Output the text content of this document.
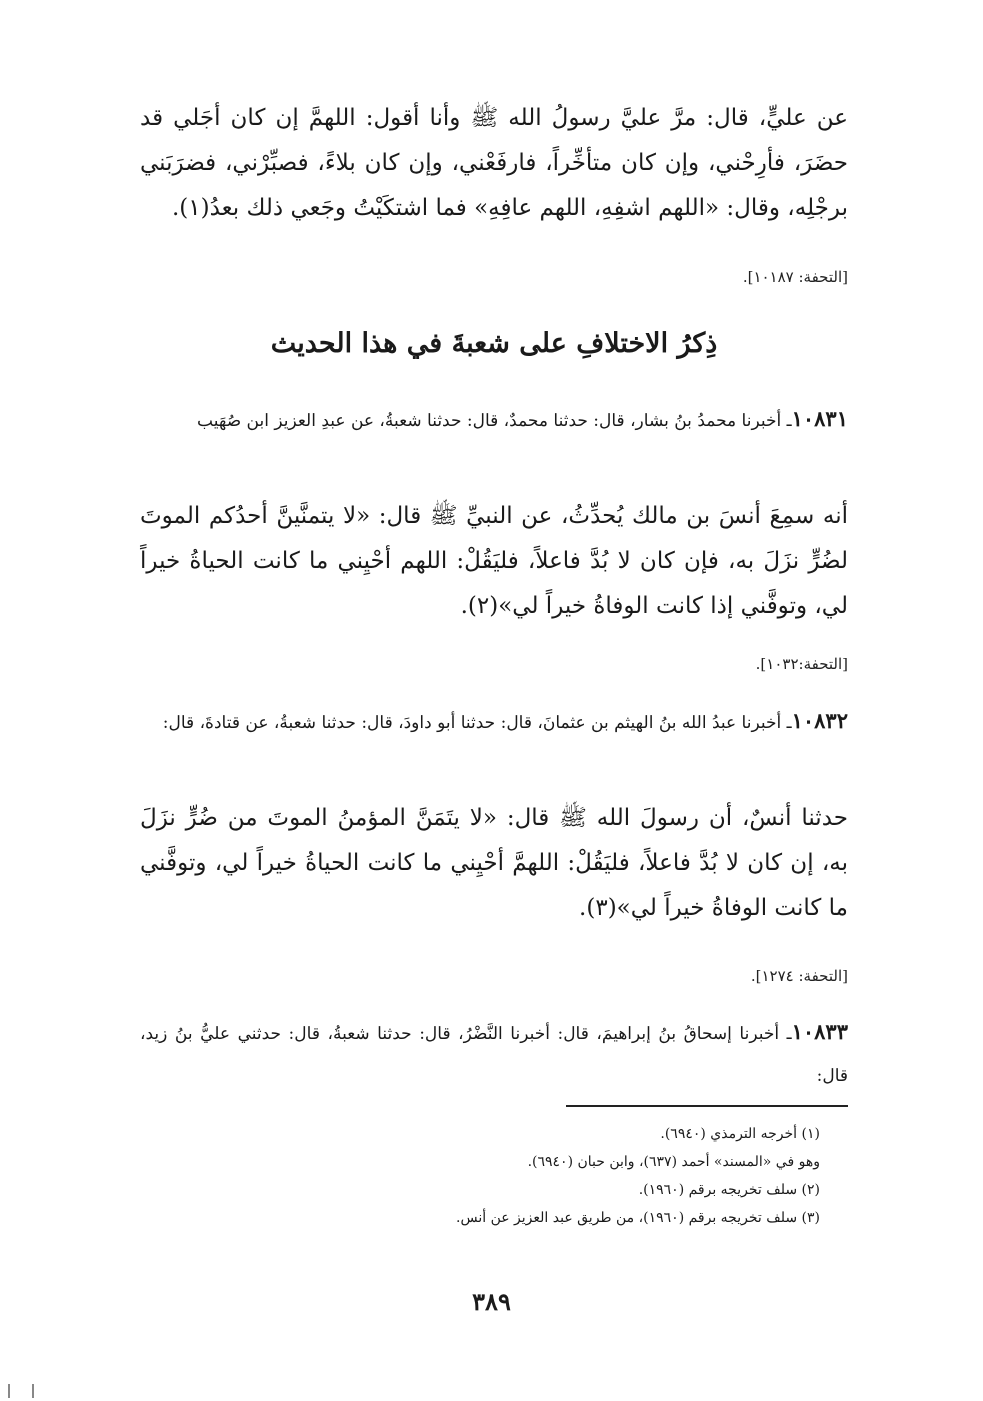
عن عليٍّ، قال: مرَّ عليَّ رسولُ الله ﷺ وأنا أقول: اللهمَّ إن كان أجَلي قد حضَرَ، فأرِحْني، وإن كان متأخِّراً، فارفَعْني، وإن كان بلاءً، فصبِّرْني، فضرَبَني برجْلِه، وقال: «اللهم اشفِهِ، اللهم عافِهِ» فما اشتكَيْتُ وجَعي ذلك بعدُ(١).
[التحفة: ١٠١٨٧].
ذِكرُ الاختلافِ على شعبةَ في هذا الحديث
١٠٨٣١ـ أخبرنا محمدُ بنُ بشار، قال: حدثنا محمدٌ، قال: حدثنا شعبةُ، عن عبدِ العزيز ابن صُهَيب
أنه سمِعَ أنسَ بن مالك يُحدِّثُ، عن النبيِّ ﷺ قال: «لا يتمنَّينَّ أحدُكم الموتَ لضُرٍّ نزَلَ به، فإن كان لا بُدَّ فاعلاً، فليَقُلْ: اللهم أحْيِني ما كانت الحياةُ خيراً لي، وتوفَّني إذا كانت الوفاةُ خيراً لي»(٢).
[التحفة:١٠٣٢].
١٠٨٣٢ـ أخبرنا عبدُ الله بنُ الهيثم بن عثمانَ، قال: حدثنا أبو داودَ، قال: حدثنا شعبةُ، عن قتادةَ، قال:
حدثنا أنسٌ، أن رسولَ الله ﷺ قال: «لا يتَمَنَّ المؤمنُ الموتَ من ضُرٍّ نزَلَ به، إن كان لا بُدَّ فاعلاً، فليَقُلْ: اللهمَّ أحْيِني ما كانت الحياةُ خيراً لي، وتوفَّني ما كانت الوفاةُ خيراً لي»(٣).
[التحفة: ١٢٧٤].
١٠٨٣٣ـ أخبرنا إسحاقُ بنُ إبراهيمَ، قال: أخبرنا النَّضْرُ، قال: حدثنا شعبةُ، قال: حدثني عليُّ بنُ زيد، قال:
(١) أخرجه الترمذي (٦٩٤٠).
وهو في «المسند» أحمد (٦٣٧)، وابن حبان (٦٩٤٠).
(٢) سلف تخريجه برقم (١٩٦٠).
(٣) سلف تخريجه برقم (١٩٦٠)، من طريق عبد العزيز عن أنس.
٣٨٩
